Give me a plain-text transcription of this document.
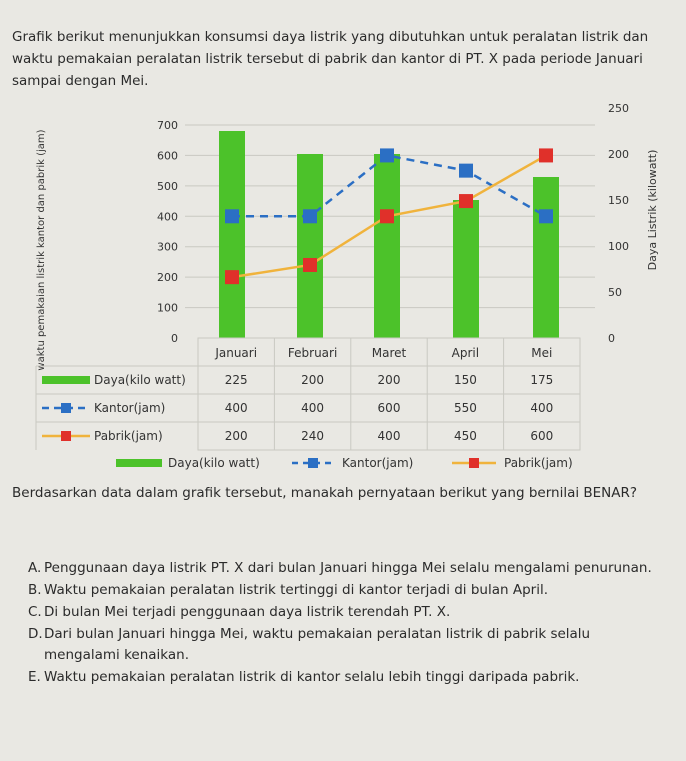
Grafik berikut menunjukkan konsumsi daya listrik yang dibutuhkan untuk peralatan listrik dan waktu pemakaian peralatan listrik tersebut di pabrik dan kantor di PT. X pada periode Januari sampai dengan Mei.
0
100
200
300
400
500
600
700
0
50
100
150
200
250
waktu pemakaian listrik kantor dan pabrik (jam)	Daya Listrik (kilowatt)
Januari	Februari	Maret	April	Mei
Daya(kilo watt)	225	200	200	150	175
Kantor(jam)	400	400	600	550	400
Pabrik(jam)	200	240	400	450	600
Daya(kilo watt)	Kantor(jam)	Pabrik(jam)
Berdasarkan data dalam grafik tersebut, manakah pernyataan berikut yang bernilai BENAR?
A. Penggunaan daya listrik PT. X dari bulan Januari hingga Mei selalu mengalami penurunan.
B. Waktu pemakaian peralatan listrik tertinggi di kantor terjadi di bulan April.
C. Di bulan Mei terjadi penggunaan daya listrik terendah PT. X.
D. Dari bulan Januari hingga Mei, waktu pemakaian peralatan listrik di pabrik selalu mengalami kenaikan.
E. Waktu pemakaian peralatan listrik di kantor selalu lebih tinggi daripada pabrik.
